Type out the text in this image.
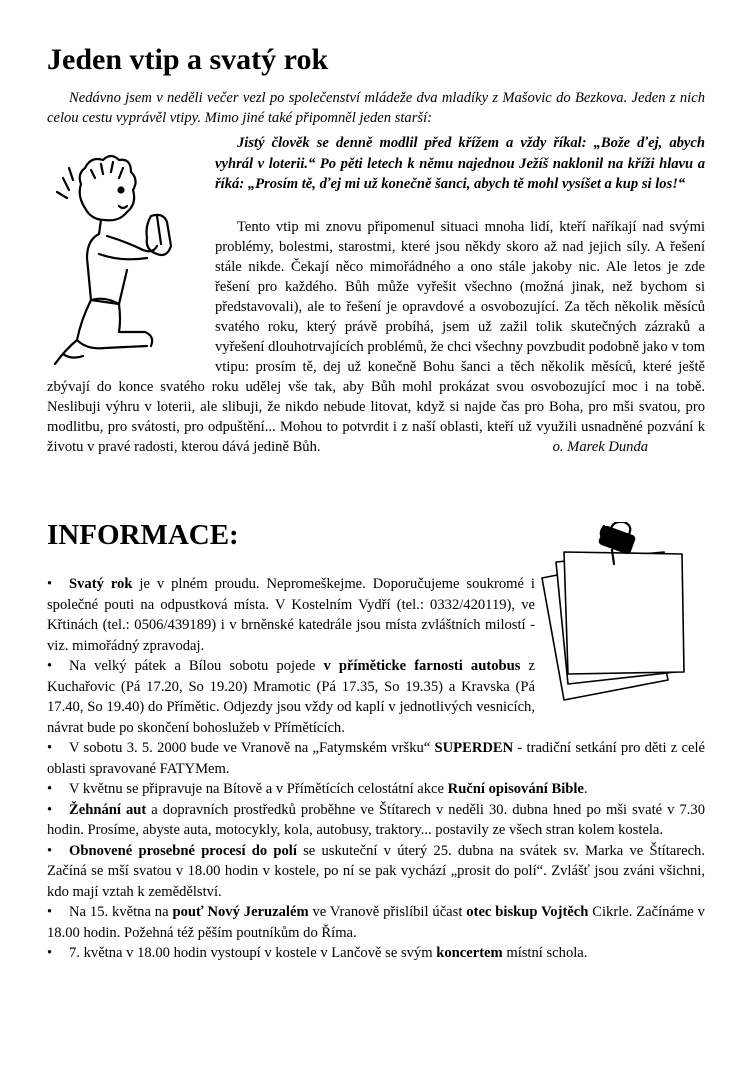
Jeden vtip a svatý rok

Nedávno jsem v neděli večer vezl po společenství mládeže dva mladíky z Mašovic do Bezkova. Jeden z nich celou cestu vyprávěl vtipy. Mimo jiné také připomněl jeden starší:

Jistý člověk se denně modlil před křížem a vždy říkal: „Bože ďej, abych vyhrál v loterii.“ Po pěti letech k němu najednou Ježíš naklonil na kříži hlavu a říká: „Prosím tě, ďej mi už konečně šanci, abych tě mohl vysíšet a kup si los!“

Tento vtip mi znovu připomenul situaci mnoha lidí, kteří naříkají nad svými problémy, bolestmi, starostmi, které jsou někdy skoro až nad jejich síly. A řešení stále nikde. Čekají něco mimořádného a ono stále jakoby nic. Ale letos je zde řešení pro každého. Bůh může vyřešit všechno (možná jinak, než bychom si představovali), ale to řešení je opravdové a osvobozující. Za těch několik měsíců svatého roku, který právě probíhá, jsem už zažil tolik skutečných zázraků a vyřešení dlouhotrvajících problémů, že chci všechny povzbudit podobně jako v tom vtipu: prosím tě, dej už konečně Bohu šanci a těch několik měsíců, které ještě zbývají do konce svatého roku udělej vše tak, aby Bůh mohl prokázat svou osvobozující moc i na tobě. Neslibuji výhru v loterii, ale slibuji, že nikdo nebude litovat, když si najde čas pro Boha, pro mši svatou, pro modlitbu, pro svátosti, pro odpuštění... Mohou to potvrdit i z naší oblasti, kteří už využili usnadněné pozvání k životu v pravé radosti, kterou dává jedině Bůh.	o. Marek Dunda
INFORMACE:

• Svatý rok je v plném proudu. Nepromeškejme. Doporučujeme soukromé i společné pouti na odpustková místa. V Kostelním Vydří (tel.: 0332/420119), ve Křtinách (tel.: 0506/439189) i v brněnské katedrále jsou místa zvláštních milostí - viz. mimořádný zpravodaj.

• Na velký pátek a Bílou sobotu pojede v příměticke farnosti autobus z Kuchařovic (Pá 17.20, So 19.20) Mramotic (Pá 17.35, So 19.35) a Kravska (Pá 17.40, So 19.40) do Přímětic. Odjezdy jsou vždy od kaplí v jednotlivých vesnicích, návrat bude po skončení bohoslužeb v Přímětících.

• V sobotu 3. 5. 2000 bude ve Vranově na „Fatymském vršku“ SUPERDEN - tradiční setkání pro děti z celé oblasti spravované FATYMem.

• V květnu se připravuje na Bítově a v Přímětících celostátní akce Ruční opisování Bible.

• Žehnání aut a dopravních prostředků proběhne ve Štítarech v neděli 30. dubna hned po mši svaté v 7.30 hodin. Prosíme, abyste auta, motocykly, kola, autobusy, traktory... postavily ze všech stran kolem kostela.

• Obnovené prosebné procesí do polí se uskuteční v úterý 25. dubna na svátek sv. Marka ve Štítarech. Začíná se mší svatou v 18.00 hodin v kostele, po ní se pak vychází „prosit do polí“. Zvlášť jsou zváni všichni, kdo mají vztah k zemědělství.

• Na 15. května na pouť Nový Jeruzalém ve Vranově přislíbil účast otec biskup Vojtěch Cikrle. Začínáme v 18.00 hodin. Požehná též pěším poutníkům do Říma.

• 7. května v 18.00 hodin vystoupí v kostele v Lančově se svým koncertem místní schola.
